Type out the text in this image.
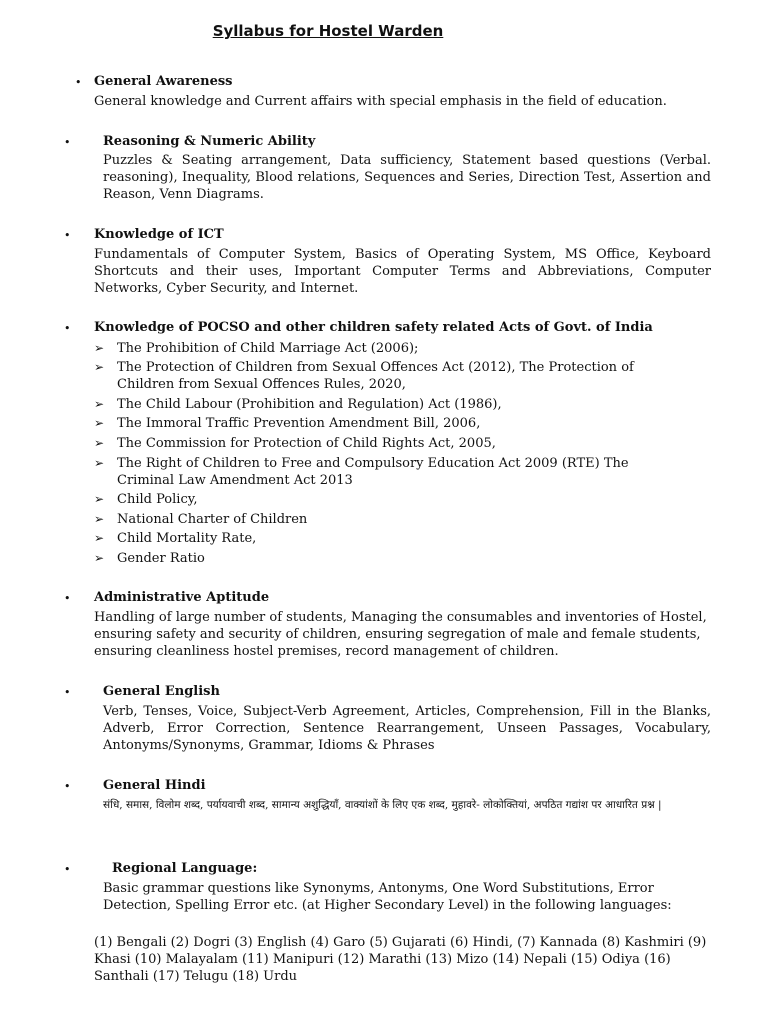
Syllabus for Hostel Warden
• General Awareness
General knowledge and Current affairs with special emphasis in the field of education.
•	Reasoning & Numeric Ability
Puzzles & Seating arrangement, Data sufficiency, Statement based questions (Verbal. reasoning), Inequality, Blood relations, Sequences and Series, Direction Test, Assertion and Reason, Venn Diagrams.
• Knowledge of ICT
Fundamentals of Computer System, Basics of Operating System, MS Office, Keyboard Shortcuts and their uses, Important Computer Terms and Abbreviations, Computer Networks, Cyber Security, and Internet.
• Knowledge of POCSO and other children safety related Acts of Govt. of India
➢ The Prohibition of Child Marriage Act (2006);
➢ The Protection of Children from Sexual Offences Act (2012), The Protection of Children from Sexual Offences Rules, 2020,
➢ The Child Labour (Prohibition and Regulation) Act (1986),
➢ The Immoral Traffic Prevention Amendment Bill, 2006,
➢ The Commission for Protection of Child Rights Act, 2005,
➢ The Right of Children to Free and Compulsory Education Act 2009 (RTE) The Criminal Law Amendment Act 2013
➢ Child Policy,
➢ National Charter of Children
➢ Child Mortality Rate,
➢ Gender Ratio
• Administrative Aptitude
Handling of large number of students, Managing the consumables and inventories of Hostel, ensuring safety and security of children, ensuring segregation of male and female students, ensuring cleanliness hostel premises, record management of children.
•	General English
Verb, Tenses, Voice, Subject-Verb Agreement, Articles, Comprehension, Fill in the Blanks, Adverb, Error Correction, Sentence Rearrangement, Unseen Passages, Vocabulary, Antonyms/Synonyms, Grammar, Idioms & Phrases
•	General Hindi
संधि, समास, विलोम शब्द, पर्यायवाची शब्द, सामान्य अशुद्धियाँ, वाक्यांशों के लिए एक शब्द, मुहावरे- लोकोक्तियां, अपठित गद्यांश पर आधारित प्रश्न |
•	Regional Language:
Basic grammar questions like Synonyms, Antonyms, One Word Substitutions, Error Detection, Spelling Error etc. (at Higher Secondary Level) in the following languages:
(1) Bengali (2) Dogri (3) English (4) Garo (5) Gujarati (6) Hindi, (7) Kannada (8) Kashmiri (9) Khasi (10) Malayalam (11) Manipuri (12) Marathi (13) Mizo (14) Nepali (15) Odiya (16) Santhali (17) Telugu (18) Urdu
